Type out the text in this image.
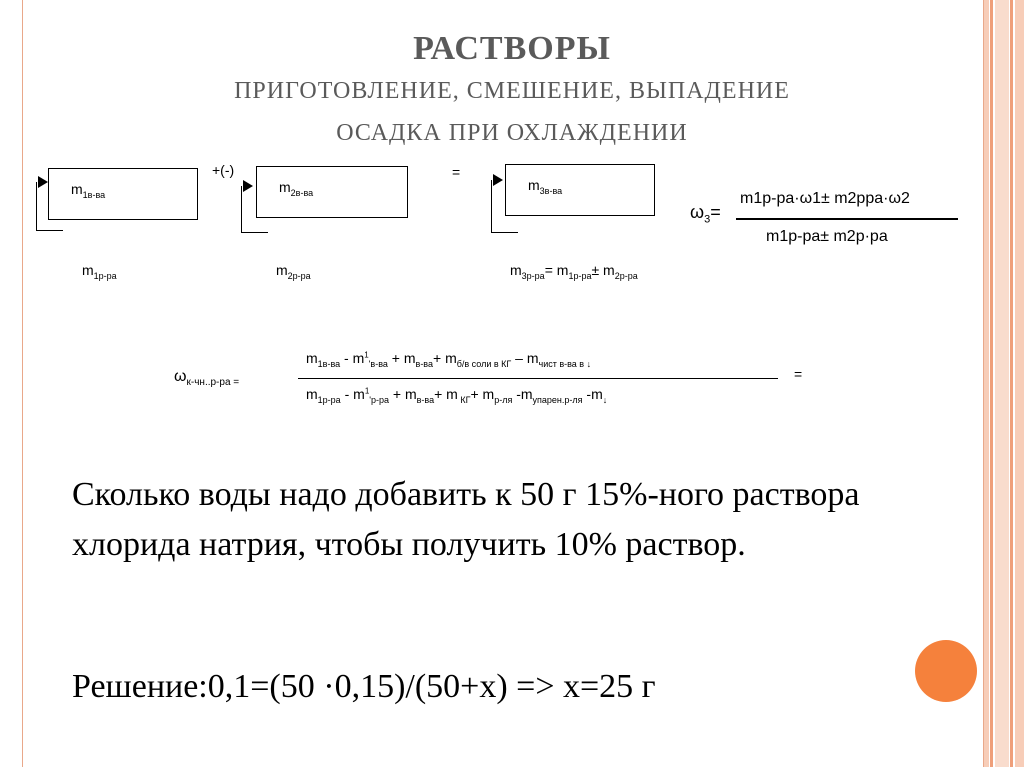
РАСТВОРЫ
ПРИГОТОВЛЕНИЕ, СМЕШЕНИЕ, ВЫПАДЕНИЕ
ОСАДКА ПРИ ОХЛАЖДЕНИИ
$m_{1в-ва}$
$m_{1р-ра}$
+(-)
$m_{2в-ва}$
$m_{2р-ра}$
=
$m_{3в-ва}$
$m_{3р-ра}= m_{1р-ра}\pm m_{2р-ра}$
$\omega_3=$
m1р-ра·ω1± m2рра·ω2
m1р-ра± m2р·ра
$\omega_{к-чн..р-ра =}$
$m_{1в-ва} - m^1_{'в-ва} + m_{в-ва}+ m_{б/в соли в КГ} - m_{чист в-ва в ↓}$
$m_{1р-ра} - m^1_{'р-ра} + m_{в-ва}+ m$ $_{КГ}+ m_{р-ля}$ $-m_{упарен.р-ля}$ $-m_↓$
=

Сколько воды надо добавить к 50 г 15%-ного раствора хлорида натрия, чтобы получить 10% раствор.

Решение:0,1=(50 ·0,15)/(50+x) => x=25 г
